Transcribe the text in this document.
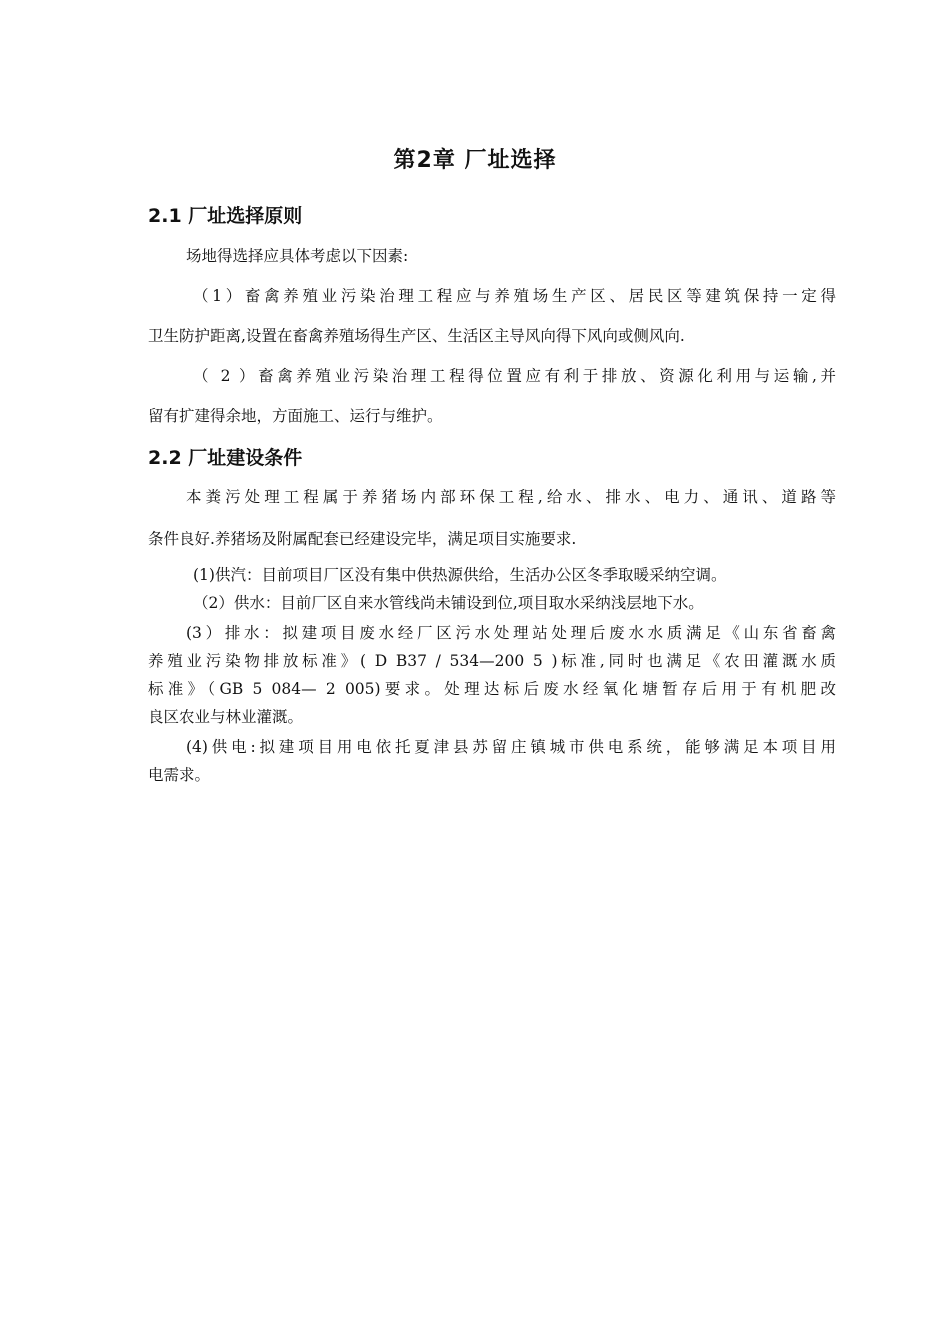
第2章 厂址选择
2.1 厂址选择原则

场地得选择应具体考虑以下因素:

（1）畜禽养殖业污染治理工程应与养殖场生产区、居民区等建筑保持一定得

卫生防护距离,设置在畜禽养殖场得生产区、生活区主导风向得下风向或侧风向.

（ 2 ）畜禽养殖业污染治理工程得位置应有利于排放、资源化利用与运输,并

留有扩建得余地，方面施工、运行与维护。

2.2 厂址建设条件

本粪污处理工程属于养猪场内部环保工程,给水、排水、电力、通讯、道路等

条件良好.养猪场及附属配套已经建设完毕，满足项目实施要求.

(1)供汽：目前项目厂区没有集中供热源供给，生活办公区冬季取暖采纳空调。

（2）供水：目前厂区自来水管线尚未铺设到位,项目取水采纳浅层地下水。

(3）排水：拟建项目废水经厂区污水处理站处理后废水水质满足《山东省畜禽

养殖业污染物排放标准》( D B37 / 534—200 5 )标准,同时也满足《农田灌溉水质

标准》（GB 5 084— 2 005)要求。处理达标后废水经氧化塘暂存后用于有机肥改

良区农业与林业灌溉。

(4)供电:拟建项目用电依托夏津县苏留庄镇城市供电系统，能够满足本项目用

电需求。
